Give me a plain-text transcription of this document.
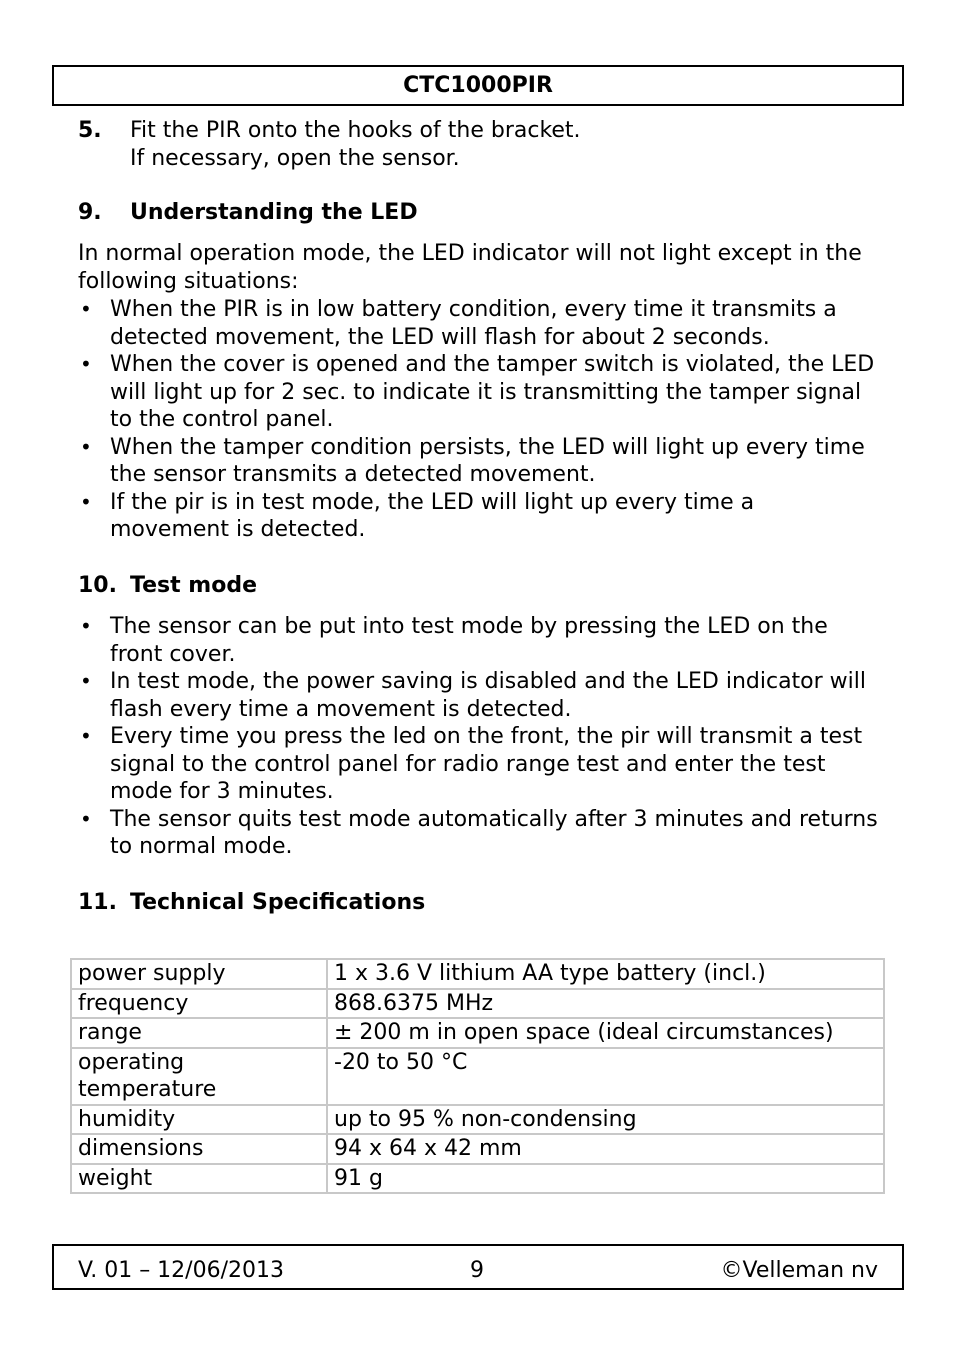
CTC1000PIR
5. Fit the PIR onto the hooks of the bracket.
If necessary, open the sensor.
9. Understanding the LED
In normal operation mode, the LED indicator will not light except in the following situations:
• When the PIR is in low battery condition, every time it transmits a detected movement, the LED will flash for about 2 seconds.
• When the cover is opened and the tamper switch is violated, the LED will light up for 2 sec. to indicate it is transmitting the tamper signal to the control panel.
• When the tamper condition persists, the LED will light up every time the sensor transmits a detected movement.
• If the pir is in test mode, the LED will light up every time a movement is detected.
10. Test mode
• The sensor can be put into test mode by pressing the LED on the front cover.
• In test mode, the power saving is disabled and the LED indicator will flash every time a movement is detected.
• Every time you press the led on the front, the pir will transmit a test signal to the control panel for radio range test and enter the test mode for 3 minutes.
• The sensor quits test mode automatically after 3 minutes and returns to normal mode.
11. Technical Specifications
power supply	1 x 3.6 V lithium AA type battery (incl.)
frequency	868.6375 MHz
range	± 200 m in open space (ideal circumstances)
operating temperature	-20 to 50 °C
humidity	up to 95 % non-condensing
dimensions	94 x 64 x 42 mm
weight	91 g
V. 01 – 12/06/2013	9	©Velleman nv
